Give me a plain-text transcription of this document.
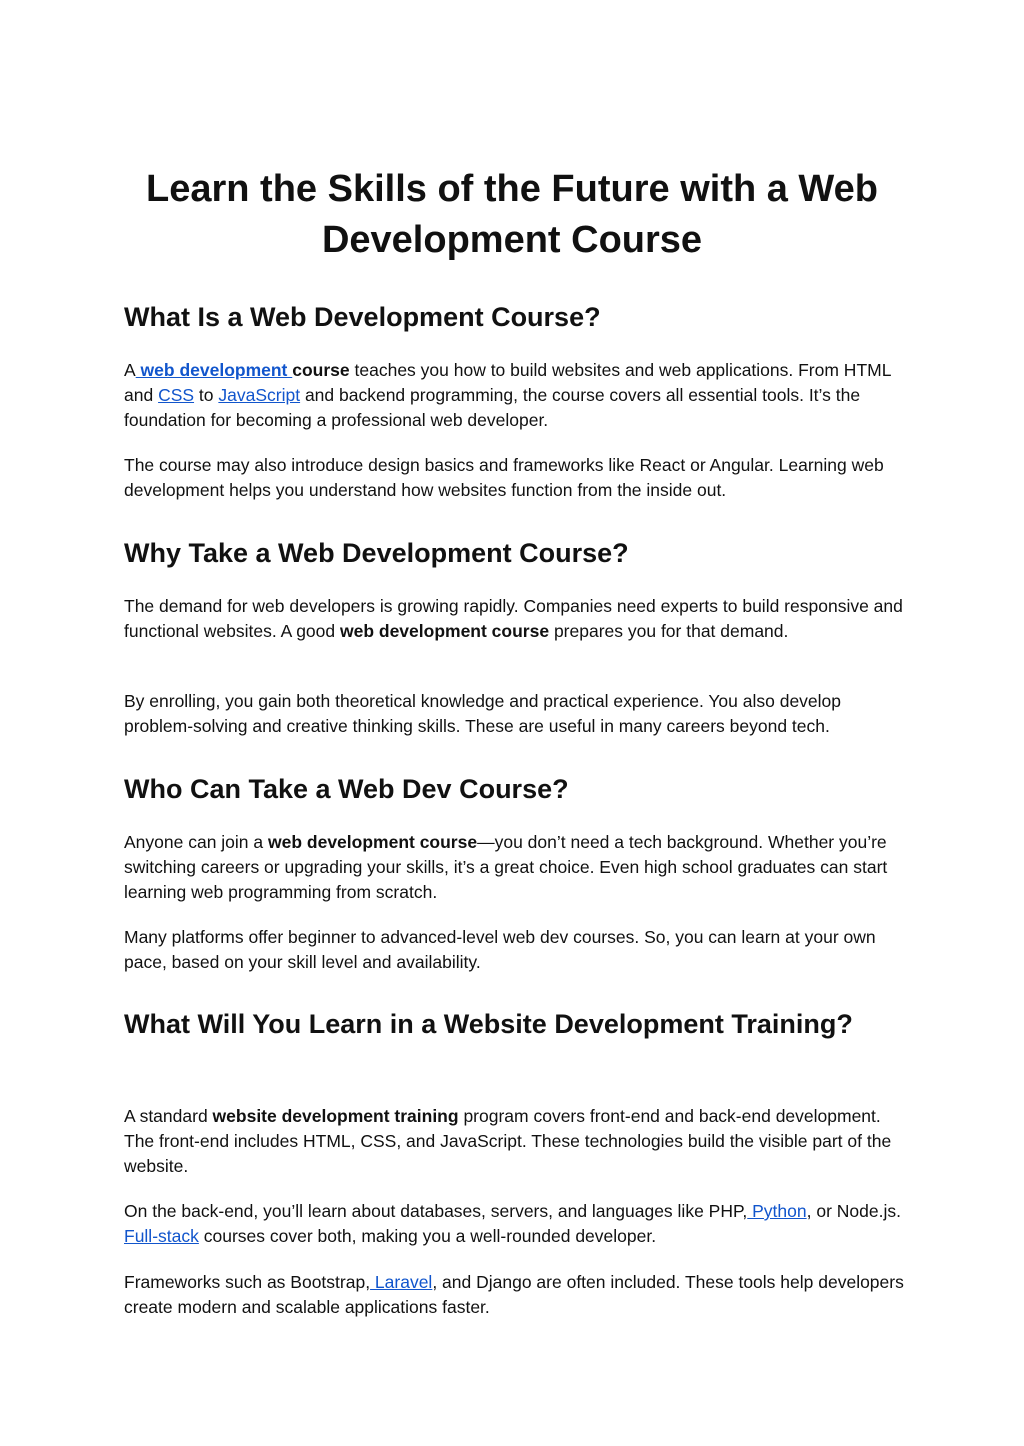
Learn the Skills of the Future with a Web Development Course
What Is a Web Development Course?

A web development course teaches you how to build websites and web applications. From HTML and CSS to JavaScript and backend programming, the course covers all essential tools. It’s the foundation for becoming a professional web developer.

The course may also introduce design basics and frameworks like React or Angular. Learning web development helps you understand how websites function from the inside out.

Why Take a Web Development Course?

The demand for web developers is growing rapidly. Companies need experts to build responsive and functional websites. A good web development course prepares you for that demand.

By enrolling, you gain both theoretical knowledge and practical experience. You also develop problem-solving and creative thinking skills. These are useful in many careers beyond tech.

Who Can Take a Web Dev Course?

Anyone can join a web development course—you don’t need a tech background. Whether you’re switching careers or upgrading your skills, it’s a great choice. Even high school graduates can start learning web programming from scratch.

Many platforms offer beginner to advanced-level web dev courses. So, you can learn at your own pace, based on your skill level and availability.

What Will You Learn in a Website Development Training?

A standard website development training program covers front-end and back-end development. The front-end includes HTML, CSS, and JavaScript. These technologies build the visible part of the website.

On the back-end, you’ll learn about databases, servers, and languages like PHP, Python, or Node.js. Full-stack courses cover both, making you a well-rounded developer.

Frameworks such as Bootstrap, Laravel, and Django are often included. These tools help developers create modern and scalable applications faster.
